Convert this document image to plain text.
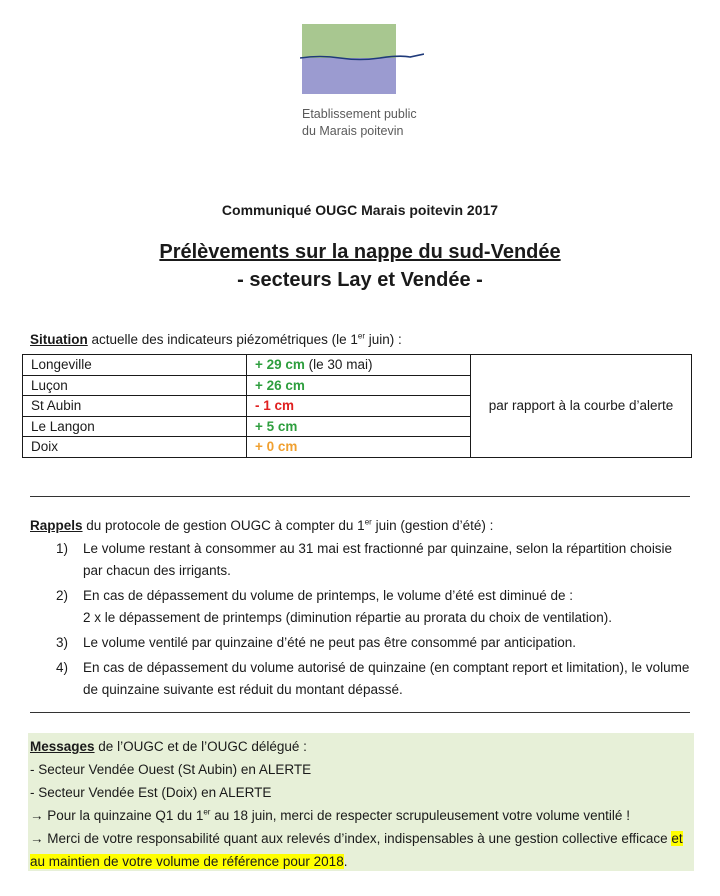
Etablissement public
du Marais poitevin
Communiqué OUGC Marais poitevin 2017
Prélèvements sur la nappe du sud-Vendée
- secteurs Lay et Vendée -
Situation actuelle des indicateurs piézométriques (le 1er juin) :
Longeville	+ 29 cm (le 30 mai)	par rapport à la courbe d’alerte
Luçon	+ 26 cm	
St Aubin	- 1 cm	
Le Langon	+ 5 cm	
Doix	+ 0 cm	
Rappels du protocole de gestion OUGC à compter du 1er juin (gestion d’été) :
1) Le volume restant à consommer au 31 mai est fractionné par quinzaine, selon la répartition choisie par chacun des irrigants.
2) En cas de dépassement du volume de printemps, le volume d’été est diminué de :
2 x le dépassement de printemps (diminution répartie au prorata du choix de ventilation).
3) Le volume ventilé par quinzaine d’été ne peut pas être consommé par anticipation.
4) En cas de dépassement du volume autorisé de quinzaine (en comptant report et limitation), le volume de quinzaine suivante est réduit du montant dépassé.
Messages de l’OUGC et de l’OUGC délégué :
- Secteur Vendée Ouest (St Aubin) en ALERTE
- Secteur Vendée Est (Doix) en ALERTE
→ Pour la quinzaine Q1 du 1er au 18 juin, merci de respecter scrupuleusement votre volume ventilé !
→ Merci de votre responsabilité quant aux relevés d’index, indispensables à une gestion collective efficace et au maintien de votre volume de référence pour 2018.
